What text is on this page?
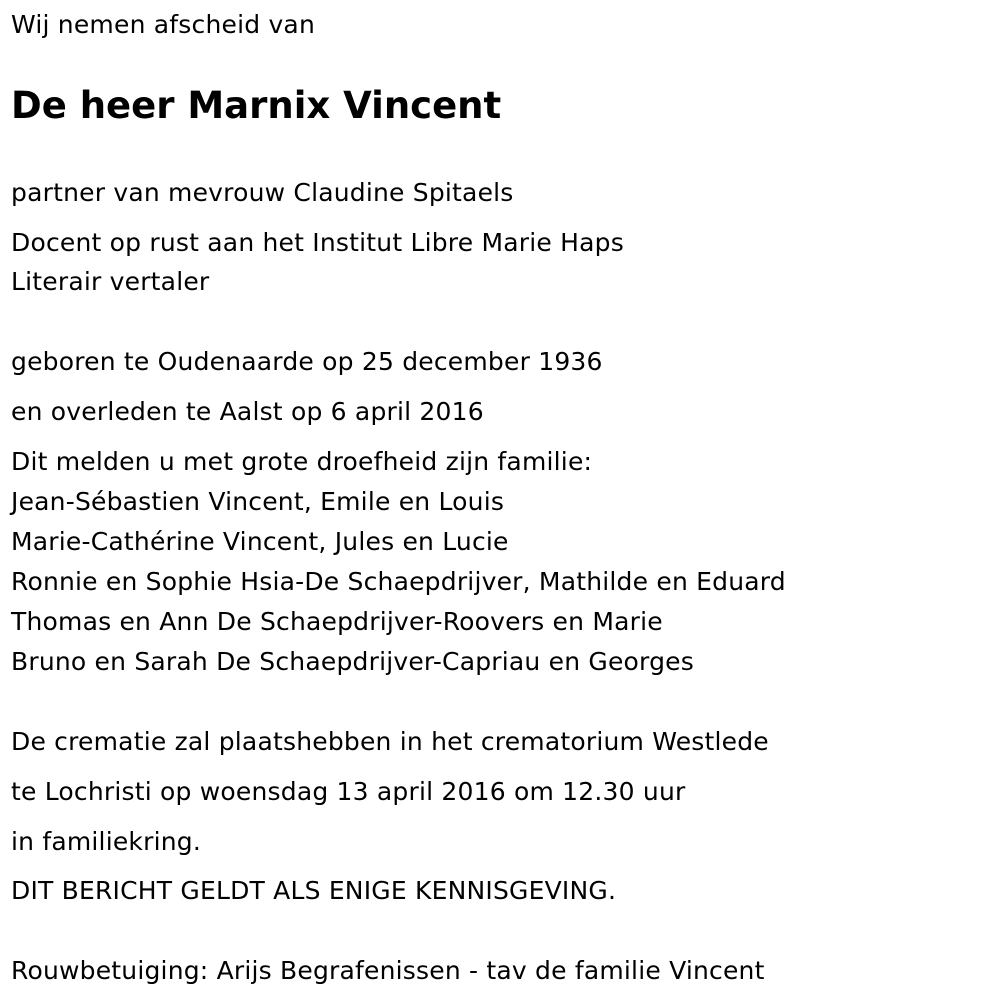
Wij nemen afscheid van

De heer Marnix Vincent

partner van mevrouw Claudine Spitaels

Docent op rust aan het Institut Libre Marie Haps

Literair vertaler

geboren te Oudenaarde op 25 december 1936

en overleden te Aalst op 6 april 2016

Dit melden u met grote droefheid zijn familie:

Jean-Sébastien Vincent, Emile en Louis

Marie-Cathérine Vincent, Jules en Lucie

Ronnie en Sophie Hsia-De Schaepdrijver, Mathilde en Eduard

Thomas en Ann De Schaepdrijver-Roovers en Marie

Bruno en Sarah De Schaepdrijver-Capriau en Georges

De crematie zal plaatshebben in het crematorium Westlede

te Lochristi op woensdag 13 april 2016 om 12.30 uur

in familiekring.

DIT BERICHT GELDT ALS ENIGE KENNISGEVING.

Rouwbetuiging: Arijs Begrafenissen - tav de familie Vincent
